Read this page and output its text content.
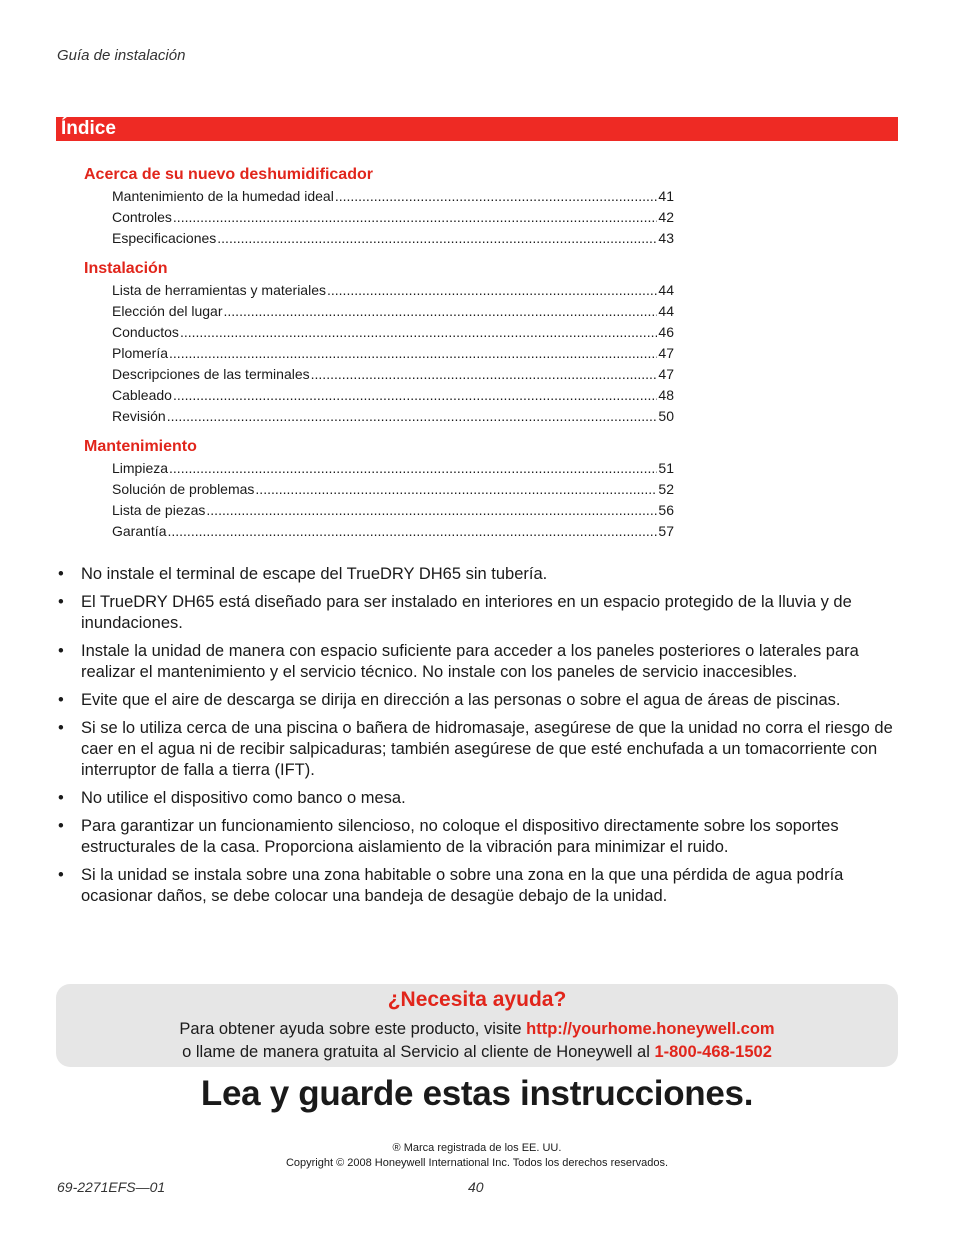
Guía de instalación
Índice
Acerca de su nuevo deshumidificador
Mantenimiento de la humedad ideal .....	41
Controles .....	42
Especificaciones .....	43
Instalación
Lista de herramientas y materiales .....	44
Elección del lugar .....	44
Conductos .....	46
Plomería .....	47
Descripciones de las terminales .....	47
Cableado .....	48
Revisión .....	50
Mantenimiento
Limpieza .....	51
Solución de problemas .....	52
Lista de piezas .....	56
Garantía .....	57
• No instale el terminal de escape del TrueDRY DH65 sin tubería.
• El TrueDRY DH65 está diseñado para ser instalado en interiores en un espacio protegido de la lluvia y de inundaciones.
• Instale la unidad de manera con espacio suficiente para acceder a los paneles posteriores o laterales para realizar el mantenimiento y el servicio técnico. No instale con los paneles de servicio inaccesibles.
• Evite que el aire de descarga se dirija en dirección a las personas o sobre el agua de áreas de piscinas.
• Si se lo utiliza cerca de una piscina o bañera de hidromasaje, asegúrese de que la unidad no corra el riesgo de caer en el agua ni de recibir salpicaduras; también asegúrese de que esté enchufada a un tomacorriente con interruptor de falla a tierra (IFT).
• No utilice el dispositivo como banco o mesa.
• Para garantizar un funcionamiento silencioso, no coloque el dispositivo directamente sobre los soportes estructurales de la casa. Proporciona aislamiento de la vibración para minimizar el ruido.
• Si la unidad se instala sobre una zona habitable o sobre una zona en la que una pérdida de agua podría ocasionar daños, se debe colocar una bandeja de desagüe debajo de la unidad.
¿Necesita ayuda?
Para obtener ayuda sobre este producto, visite http://yourhome.honeywell.com
o llame de manera gratuita al Servicio al cliente de Honeywell al 1-800-468-1502
Lea y guarde estas instrucciones.
® Marca registrada de los EE. UU.
Copyright © 2008 Honeywell International Inc. Todos los derechos reservados.
69-2271EFS—01	40
